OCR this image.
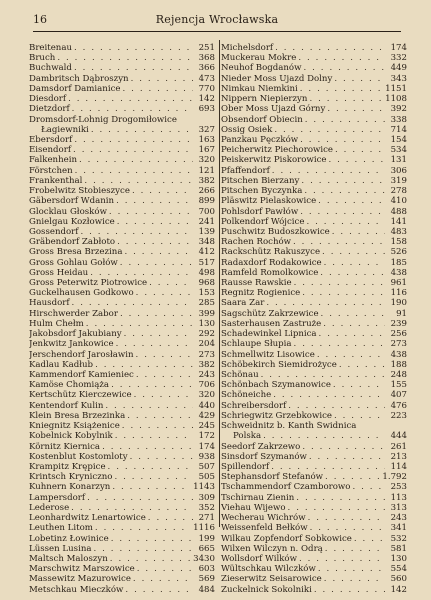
16	Rejencja Wrocławska
Breitenau . . .	251
Bruch . . .	368
Buchwald . . .	366
Dambritsch Dąbroszyn . . .	473
Damsdorf Damianice . . .	770
Diesdorf . . .	142
Dietzdorf . . .	693
Dromsdorf-Lohnig Drogomiłowice
Łagiewniki . . .	327
Ebersdorf . . .	163
Eisendorf . . .	167
Falkenhein . . .	320
Förstchen . . .	121
Frankenthal . . .	382
Frobelwitz Stobieszyce . . .	266
Gäbersdorf Wdanin . . .	899
Glocklau Głosków . . .	700
Gnielgau Kozłowice . . .	241
Gossendorf . . .	139
Gräbendorf Zabłoto . . .	348
Gross Bresa Brzezina . . .	412
Gross Gohlau Gołów . . .	517
Gross Heidau . . .	498
Gross Peterwitz Piotrowice . . .	968
Guckelhausen Godkowo . . .	153
Hausdorf . . .	285
Hirschwerder Zabor . . .	399
Hulm Chełm . . .	130
Jakobsdorf Jakubiany . . .	292
Jenkwitz Jankowice . . .	204
Jerschendorf Jarosławin . . .	273
Kadlau Kadłub . . .	382
Kammendorf Kamieniec . . .	243
Kamöse Chomiąża . . .	706
Kertschütz Kierczewice . . .	320
Kentendorf Kulin . . .	440
Klein Bresa Brzezinka . . .	429
Kniegnitz Książenice . . .	245
Kobelnick Kobylnik . . .	172
Körnitz Kiernica . . .	174
Kostenblut Kostomloty . . .	938
Krampitz Krępice . . .	507
Krintsch Kryniczno . . .	505
Kuhnern Konarzyn . . .	1143
Lampersdorf . . .	309
Lederose . . .	352
Leonhardwitz Lenartowice . . .	271
Leuthen Litom . . .	1116
Lobetinz Łowinice . . .	199
Lüssen Lusina . . .	665
Maltsch Maloszyn . . .	3430
Marschwitz Marszowice . . .	603
Massewitz Mazurowice . . .	569
Metschkau Mieczków . . .	484
Michelsdorf . . .	174
Muckerau Mokre . . .	332
Neuhof Bogdanów . . .	449
Nieder Moss Ujazd Dolny . . .	343
Nimkau Niemkini . . .	1151
Nippern Niepierzyn . . .	1108
Ober Moss Ujazd Górny . . .	392
Obsendorf Obiecin . . .	338
Ossig Osiek . . .	714
Panzkau Pęczków . . .	154
Peicherwitz Piechorowice . . .	534
Peiskerwitz Piskorowice . . .	131
Pfaffendorf . . .	306
Pitschen Bierzany . . .	319
Pitschen Byczynka . . .	278
Pläswitz Pielaskowice . . .	410
Pohlsdorf Pawłów . . .	488
Polkendorf Wójcice . . .	141
Puschwitz Budoszkowice . . .	483
Rachen Rochów . . .	158
Rackschütz Rakuszyce . . .	526
Radaxdorf Rodakowice . . .	185
Ramfeld Romolkowice . . .	438
Rausse Rawskie . . .	961
Regnitz Rogienice . . .	116
Saara Zar . . .	190
Sagschütz Zakrzewice . . .	91
Sasterhausen Zastruże . . .	239
Schadewinkel Lipnica . . .	256
Schlaupe Słupia . . .	273
Schmellwitz Lisowice . . .	438
Schöbekirch Siemidrożyce . . .	188
Schönau . . .	248
Schönbach Szymanowice . . .	155
Schöneiche . . .	407
Schreibersdorf . . .	476
Schriegwitz Grzebkowice . . .	223
Schweidnitz b. Kanth Świdnica
Polska . . .	444
Seedorf Zakrzewo . . .	261
Sinsdorf Szymanów . . .	213
Spillendorf . . .	114
Stephansdorf Stefanów . . .	1.792
Tschammendorf Czamborowo . . .	253
Tschirnau Zienin . . .	113
Viehau Wijewo . . .	313
Wecherau Wichrów . . .	243
Weissenfeld Bełków . . .	341
Wilkau Zopfendorf Sobkowice . . .	532
Wilxen Wilczyn n. Odrą . . .	581
Wollsdorf Wilków . . .	130
Wültschkau Wilczków . . .	554
Zieserwitz Seisarowice . . .	560
Zuckelnick Sokolniki . . .	142
